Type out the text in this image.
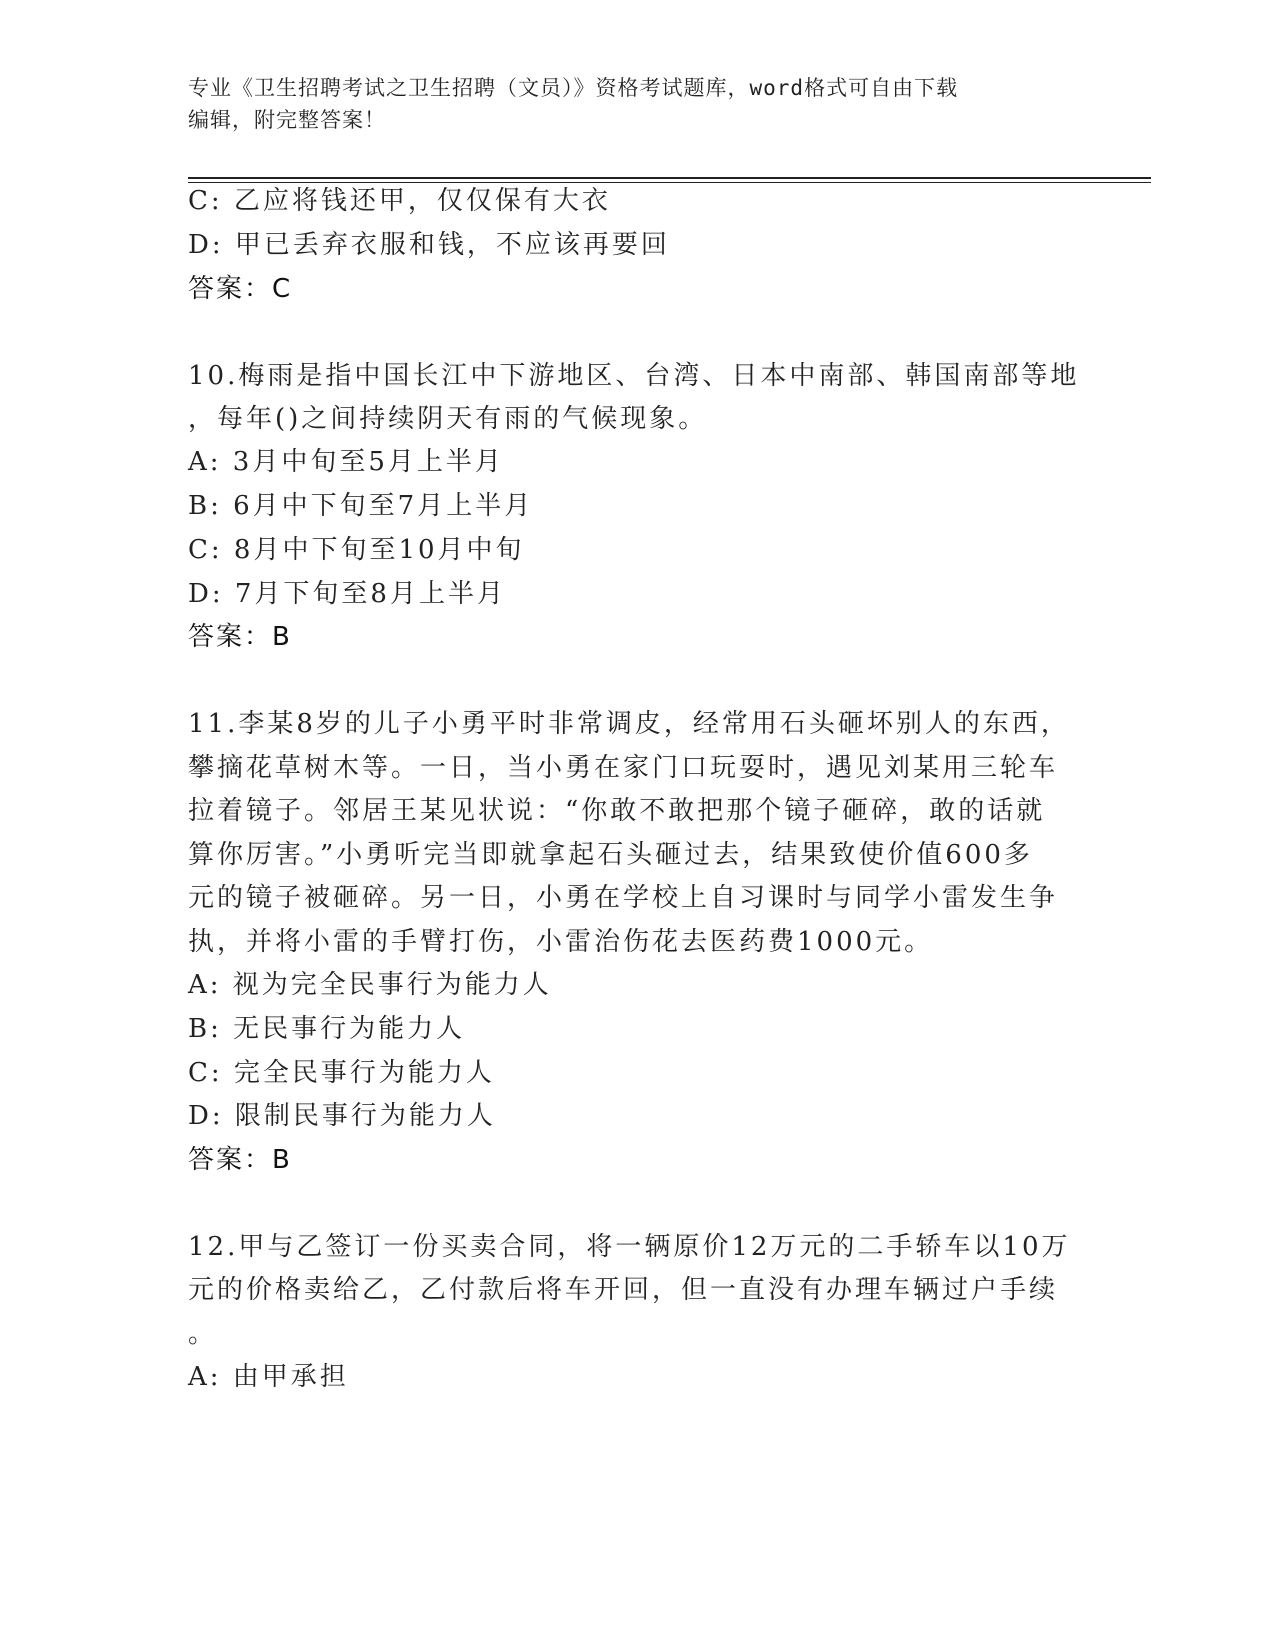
专业《卫生招聘考试之卫生招聘（文员）》资格考试题库，word格式可自由下载
编辑，附完整答案！
C: 乙应将钱还甲，仅仅保有大衣
D: 甲已丢弃衣服和钱，不应该再要回
答案：C
10.梅雨是指中国长江中下游地区、台湾、日本中南部、韩国南部等地
，每年()之间持续阴天有雨的气候现象。
A: 3月中旬至5月上半月
B: 6月中下旬至7月上半月
C: 8月中下旬至10月中旬
D: 7月下旬至8月上半月
答案：B
11.李某8岁的儿子小勇平时非常调皮，经常用石头砸坏别人的东西，
攀摘花草树木等。一日，当小勇在家门口玩耍时，遇见刘某用三轮车
拉着镜子。邻居王某见状说：“你敢不敢把那个镜子砸碎，敢的话就
算你厉害。”小勇听完当即就拿起石头砸过去，结果致使价值600多
元的镜子被砸碎。另一日，小勇在学校上自习课时与同学小雷发生争
执，并将小雷的手臂打伤，小雷治伤花去医药费1000元。
A: 视为完全民事行为能力人
B: 无民事行为能力人
C: 完全民事行为能力人
D: 限制民事行为能力人
答案：B
12.甲与乙签订一份买卖合同，将一辆原价12万元的二手轿车以10万
元的价格卖给乙，乙付款后将车开回，但一直没有办理车辆过户手续
。
A: 由甲承担
